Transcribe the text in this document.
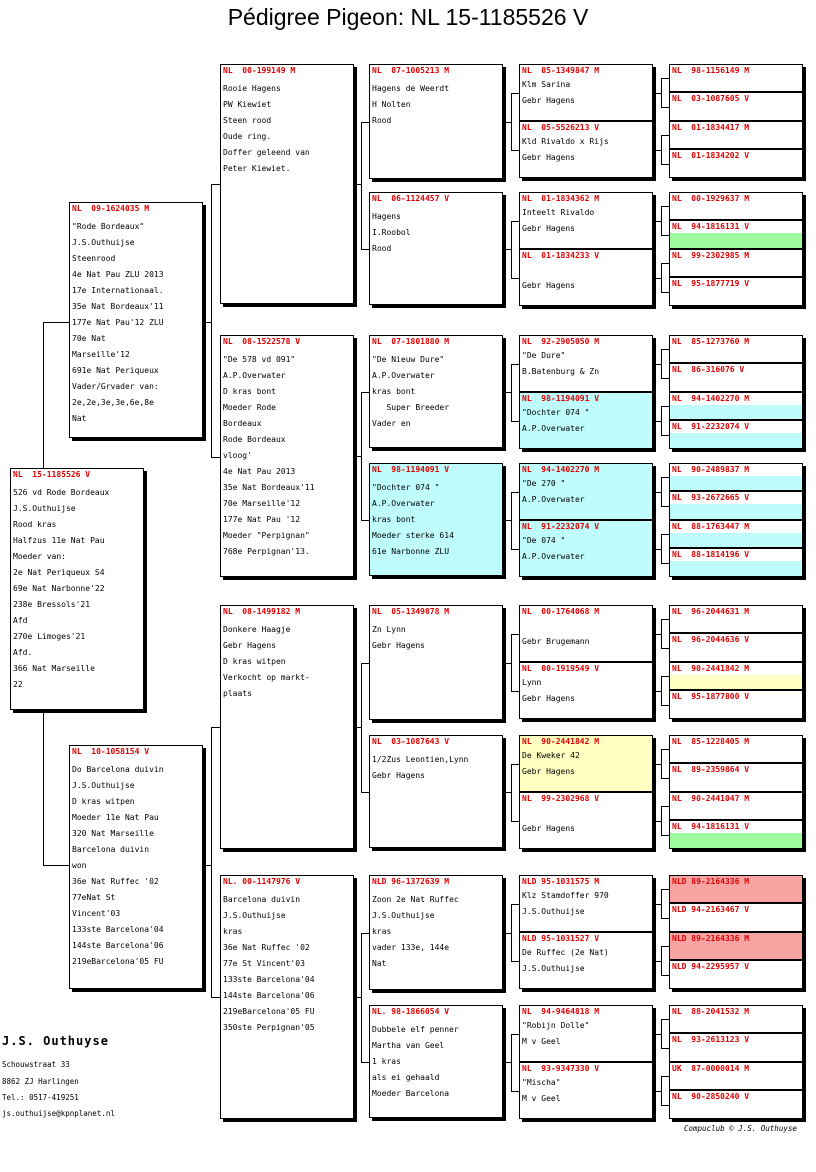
Pédigree Pigeon: NL 15-1185526 V
NL  15-1185526 V
526 vd Rode Bordeaux
J.S.Outhuijse
Rood kras
Halfzus 11e Nat Pau
Moeder van:
2e Nat Periqueux S4
69e Nat Narbonne'22
238e Bressols'21
Afd
270e Limoges'21
Afd.
366 Nat Marseille
22
NL  09-1624035 M
"Rode Bordeaux"
J.S.Outhuijse
Steenrood
4e Nat Pau ZLU 2013
17e Internationaal.
35e Nat Bordeaux'11
177e Nat Pau'12 ZLU
70e Nat
Marseille'12
691e Nat Periqueux
Vader/Grvader van:
2e,2e,3e,3e,6e,8e
Nat
NL  10-1058154 V
Do Barcelona duivin
J.S.Outhuijse
D kras witpen
Moeder 11e Nat Pau
320 Nat Marseille
Barcelona duivin
won
36e Nat Ruffec '02
77eNat St
Vincent'03
133ste Barcelona'04
144ste Barcelona'06
219eBarcelona'05 FU
NL  00-199149 M
Rooie Hagens
PW Kiewiet
Steen rood
Oude ring.
Doffer geleend van
Peter Kiewiet.
NL  08-1522578 V
"De 578 vd 091"
A.P.Overwater
D kras bont
Moeder Rode
Bordeaux
Rode Bordeaux
vloog'
4e Nat Pau 2013
35e Nat Bordeaux'11
70e Marseille'12
177e Nat Pau '12
Moeder "Perpignan"
768e Perpignan'13.
NL  08-1499182 M
Donkere Haagje
Gebr Hagens
D kras witpen
Verkocht op markt-
plaats
NL. 00-1147976 V
Barcelona duivin
J.S.Outhuijse
kras
36e Nat Ruffec '02
77e St Vincent'03
133ste Barcelona'04
144ste Barcelona'06
219eBarcelona'05 FU
350ste Perpignan'05
NL  07-1005213 M
Hagens de Weerdt
H Nolten
Rood
NL  06-1124457 V
Hagens
I.Roobol
Rood
NL  07-1801880 M
"De Nieuw Dure"
A.P.Overwater
kras bont
Super Breeder
Vader en
NL  98-1194091 V
"Dochter 074 "
A.P.Overwater
kras bont
Moeder sterke 614
61e Narbonne ZLU
NL  05-1349878 M
Zn Lynn
Gebr Hagens
NL  03-1087643 V
1/2Zus Leontien,Lynn
Gebr Hagens
NLD 96-1372639 M
Zoon 2e Nat Ruffec
J.S.Outhuijse
kras
vader 133e, 144e
Nat
NL. 98-1866054 V
Dubbele elf penner
Martha van Geel
1 kras
als ei gehaald
Moeder Barcelona
NL  05-1349847 M
Klm Sarina
Gebr Hagens
NL  05-5526213 V
Kld Rivaldo x Rijs
Gebr Hagens
NL  01-1834362 M
Inteelt Rivaldo
Gebr Hagens
NL  01-1834233 V
Gebr Hagens
NL  92-2905050 M
"De Dure"
B.Batenburg & Zn
NL  98-1194091 V
"Dochter 074 "
A.P.Overwater
NL  94-1402270 M
"De 270 "
A.P.Overwater
NL  91-2232074 V
"De 074 "
A.P.Overwater
NL  00-1764068 M
Gebr Brugemann
NL  00-1919549 V
Lynn
Gebr Hagens
NL  90-2441842 M
De Kweker 42
Gebr Hagens
NL  99-2302968 V
Gebr Hagens
NLD 95-1031575 M
Klz Stamdoffer 970
J.S.Outhuijse
NLD 95-1031527 V
De Ruffec (2e Nat)
J.S.Outhuijse
NL  94-9464818 M
"Robijn Dolle"
M v Geel
NL  93-9347330 V
"Mischa"
M v Geel
NL  98-1156149 M
NL  03-1087605 V
NL  01-1834417 M
NL  01-1834202 V
NL  00-1929637 M
NL  94-1816131 V
NL  99-2302985 M
NL  95-1877719 V
NL  85-1273760 M
NL  86-316076 V
NL  94-1402270 M
NL  91-2232074 V
NL  90-2489837 M
NL  93-2672665 V
NL  88-1763447 M
NL  88-1814196 V
NL  96-2044631 M
NL  96-2044636 V
NL  90-2441842 M
NL  95-1877800 V
NL  85-1228405 M
NL  89-2359864 V
NL  90-2441047 M
NL  94-1816131 V
NLD 89-2164336 M
NLD 94-2163467 V
NLD 89-2164336 M
NLD 94-2295957 V
NL  88-2041532 M
NL  93-2613123 V
UK  87-0000014 M
NL  90-2850240 V
J.S. Outhuyse
Schouwstraat 33
8862 ZJ Harlingen
Tel.: 0517-419251
js.outhuijse@kpnplanet.nl
Compuclub © J.S. Outhuyse
